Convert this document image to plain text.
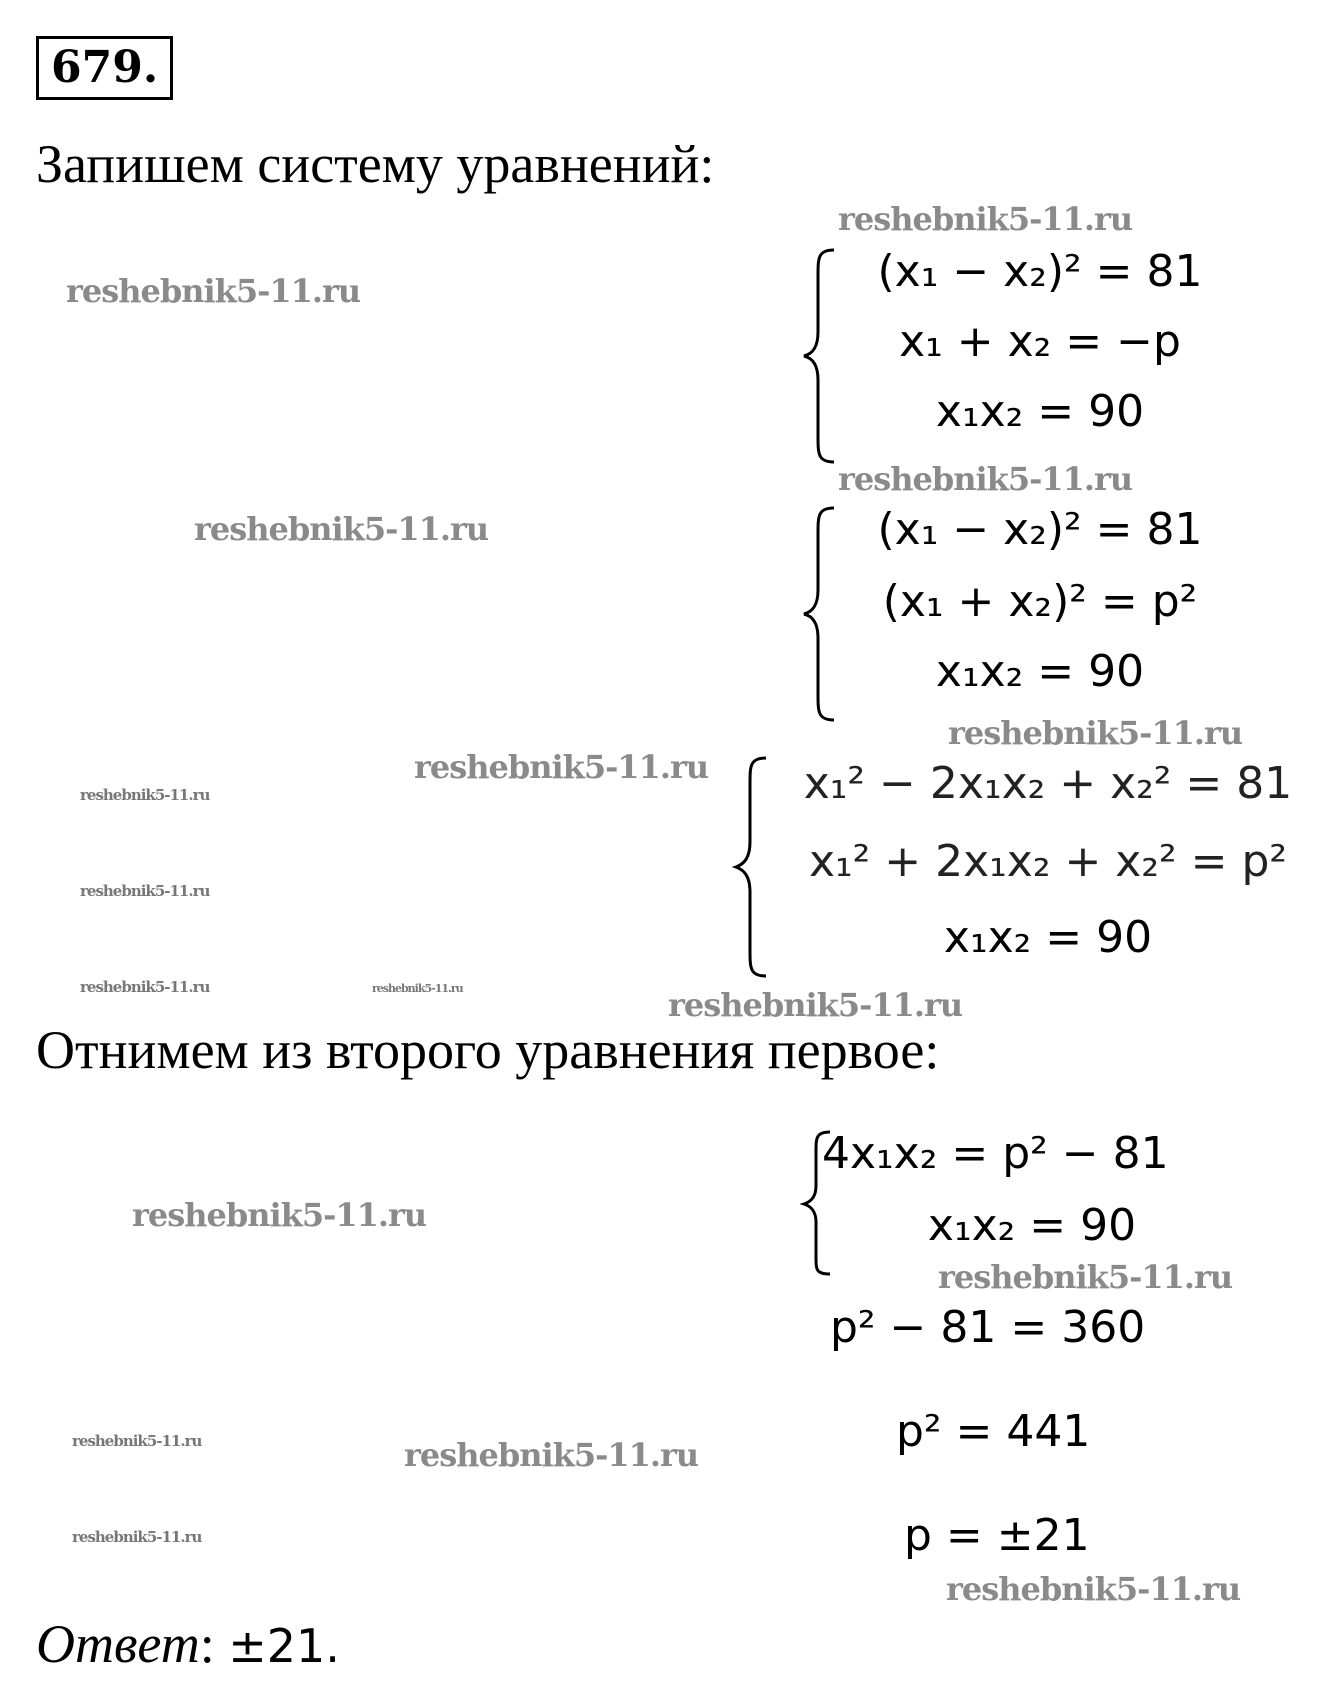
679.
Запишем систему уравнений:
reshebnik5-11.ru
reshebnik5-11.ru
reshebnik5-11.ru
reshebnik5-11.ru
reshebnik5-11.ru
reshebnik5-11.ru
reshebnik5-11.ru
reshebnik5-11.ru
reshebnik5-11.ru	reshebnik5-11.ru	reshebnik5-11.ru
reshebnik5-11.ru
reshebnik5-11.ru
reshebnik5-11.ru	reshebnik5-11.ru
reshebnik5-11.ru
reshebnik5-11.ru
(x₁ − x₂)² = 81
x₁ + x₂ = −p
x₁x₂ = 90
(x₁ − x₂)² = 81
(x₁ + x₂)² = p²
x₁x₂ = 90
x₁² − 2x₁x₂ + x₂² = 81
x₁² + 2x₁x₂ + x₂² = p²
x₁x₂ = 90
Отнимем из второго уравнения первое:
4x₁x₂ = p² − 81
x₁x₂ = 90
p² − 81 = 360
p² = 441
p = ±21
Ответ: ±21.
